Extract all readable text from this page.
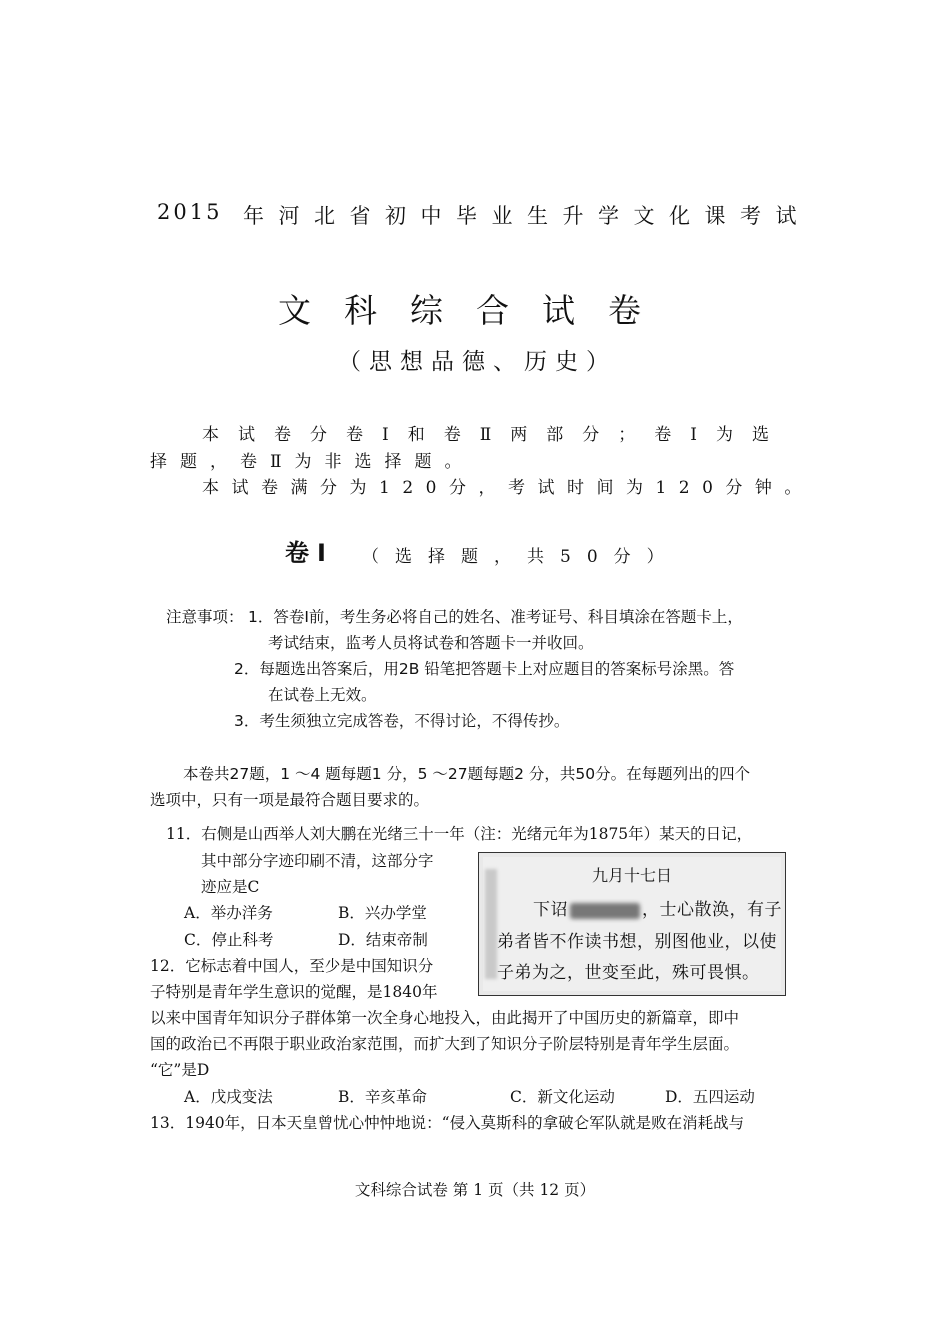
2015 年河北省初中毕业生升学文化课考试
文科综合试卷
（思想品德、历史）
本试卷分卷Ⅰ和卷Ⅱ两部分；卷Ⅰ为选
择题，卷Ⅱ为非选择题。
本试卷满分为120分，考试时间为120分钟。
卷Ⅰ （选择题，共50分）
注意事项： 1．答卷Ⅰ前，考生务必将自己的姓名、准考证号、科目填涂在答题卡上，
考试结束，监考人员将试卷和答题卡一并收回。
2．每题选出答案后，用2B 铅笔把答题卡上对应题目的答案标号涂黑。答
在试卷上无效。
3．考生须独立完成答卷，不得讨论，不得传抄。
本卷共27题，1 ～4 题每题1 分，5 ～27题每题2 分，共50分。在每题列出的四个
选项中，只有一项是最符合题目要求的。
11．右侧是山西举人刘大鹏在光绪三十一年（注：光绪元年为1875年）某天的日记，
其中部分字迹印刷不清，这部分字
迹应是C
A．举办洋务	B．兴办学堂
C．停止科考	D．结束帝制
九月十七日
下诏	，士心散涣，有子
弟者皆不作读书想，别图他业，以使
子弟为之，世变至此，殊可畏惧。
12．它标志着中国人，至少是中国知识分
子特别是青年学生意识的觉醒，是1840年
以来中国青年知识分子群体第一次全身心地投入，由此揭开了中国历史的新篇章，即中
国的政治已不再限于职业政治家范围，而扩大到了知识分子阶层特别是青年学生层面。
“它”是D
A．戊戌变法	B．辛亥革命	C．新文化运动	D．五四运动
13．1940年，日本天皇曾忧心忡忡地说：“侵入莫斯科的拿破仑军队就是败在消耗战与
文科综合试卷 第 1 页（共 12 页）
